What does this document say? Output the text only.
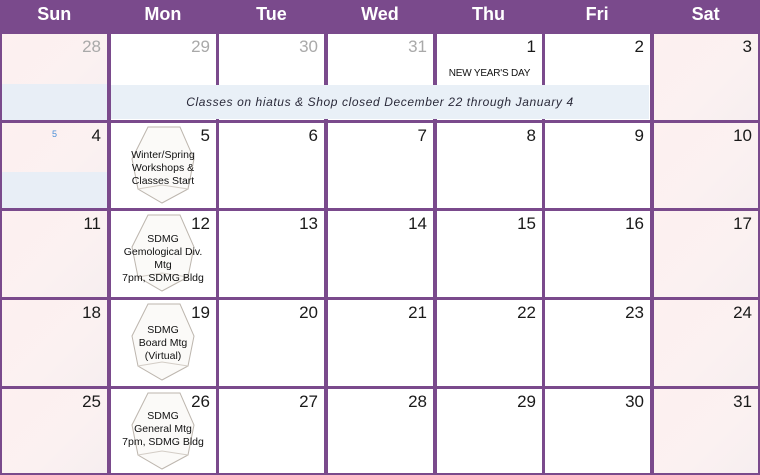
Sun	Mon	Tue	Wed	Thu	Fri	Sat
28	29	30	31	1	2	3
5 4	5	6	7	8	9	10
11	12	13	14	15	16	17
18	19	20	21	22	23	24
25	26	27	28	29	30	31
NEW YEAR'S DAY
Classes on hiatus & Shop closed December 22 through January 4
Winter/Spring
Workshops &
Classes Start
SDMG
Gemological Div.
Mtg
7pm, SDMG Bldg
SDMG
Board Mtg
(Virtual)
SDMG
General Mtg
7pm, SDMG Bldg
